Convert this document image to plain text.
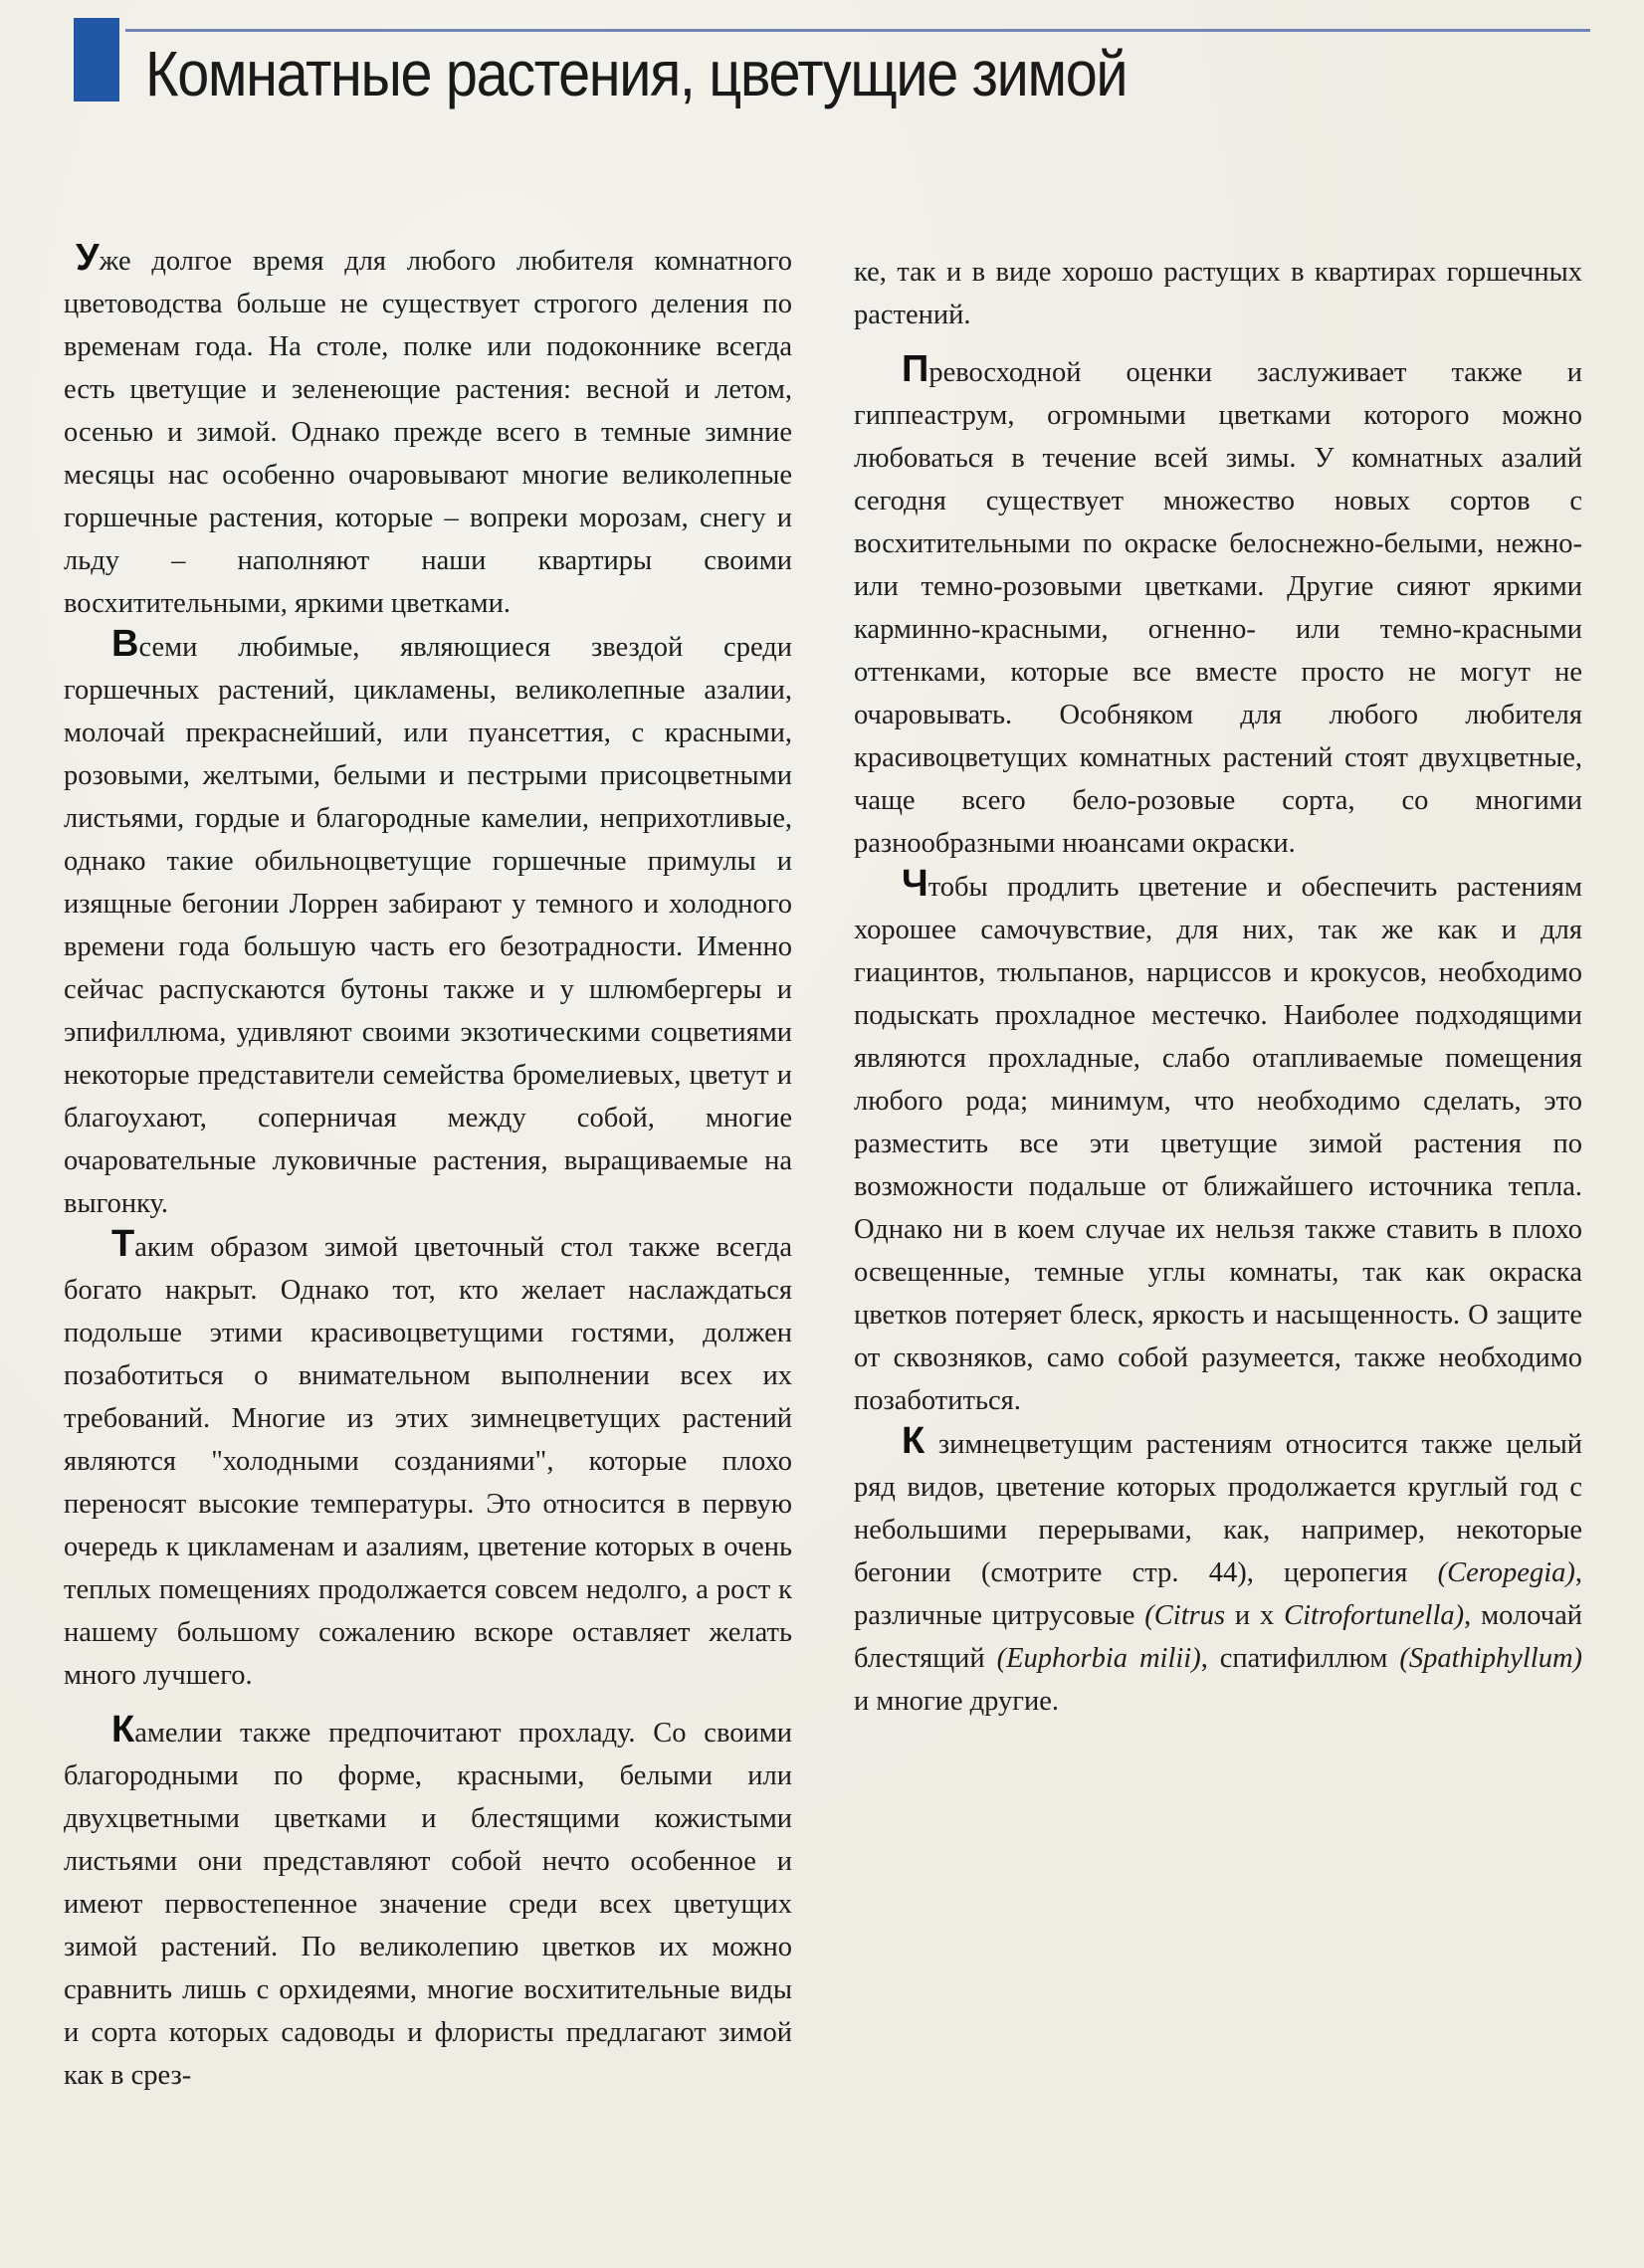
Комнатные растения, цветущие зимой

Уже долгое время для любого любителя комнатного цветоводства больше не существует строгого деления по временам года. На столе, полке или подоконнике всегда есть цветущие и зеленеющие растения: весной и летом, осенью и зимой. Однако прежде всего в темные зимние месяцы нас особенно очаровывают многие великолепные горшечные растения, которые – вопреки морозам, снегу и льду – наполняют наши квартиры своими восхитительными, яркими цветками.

Всеми любимые, являющиеся звездой среди горшечных растений, цикламены, великолепные азалии, молочай прекраснейший, или пуансеттия, с красными, розовыми, желтыми, белыми и пестрыми присоцветными листьями, гордые и благородные камелии, неприхотливые, однако такие обильноцветущие горшечные примулы и изящные бегонии Лоррен забирают у темного и холодного времени года большую часть его безотрадности. Именно сейчас распускаются бутоны также и у шлюмбергеры и эпифиллюма, удивляют своими экзотическими соцветиями некоторые представители семейства бромелиевых, цветут и благоухают, соперничая между собой, многие очаровательные луковичные растения, выращиваемые на выгонку.

Таким образом зимой цветочный стол также всегда богато накрыт. Однако тот, кто желает наслаждаться подольше этими красивоцветущими гостями, должен позаботиться о внимательном выполнении всех их требований. Многие из этих зимнецветущих растений являются "холодными созданиями", которые плохо переносят высокие температуры. Это относится в первую очередь к цикламенам и азалиям, цветение которых в очень теплых помещениях продолжается совсем недолго, а рост к нашему большому сожалению вскоре оставляет желать много лучшего.

Камелии также предпочитают прохладу. Со своими благородными по форме, красными, белыми или двухцветными цветками и блестящими кожистыми листьями они представляют собой нечто особенное и имеют первостепенное значение среди всех цветущих зимой растений. По великолепию цветков их можно сравнить лишь с орхидеями, многие восхитительные виды и сорта которых садоводы и флористы предлагают зимой как в срез-

ке, так и в виде хорошо растущих в квартирах горшечных растений.

Превосходной оценки заслуживает также и гиппеаструм, огромными цветками которого можно любоваться в течение всей зимы. У комнатных азалий сегодня существует множество новых сортов с восхитительными по окраске белоснежно-белыми, нежно- или темно-розовыми цветками. Другие сияют яркими карминно-красными, огненно- или темно-красными оттенками, которые все вместе просто не могут не очаровывать. Особняком для любого любителя красивоцветущих комнатных растений стоят двухцветные, чаще всего бело-розовые сорта, со многими разнообразными нюансами окраски.

Чтобы продлить цветение и обеспечить растениям хорошее самочувствие, для них, так же как и для гиацинтов, тюльпанов, нарциссов и крокусов, необходимо подыскать прохладное местечко. Наиболее подходящими являются прохладные, слабо отапливаемые помещения любого рода; минимум, что необходимо сделать, это разместить все эти цветущие зимой растения по возможности подальше от ближайшего источника тепла. Однако ни в коем случае их нельзя также ставить в плохо освещенные, темные углы комнаты, так как окраска цветков потеряет блеск, яркость и насыщенность. О защите от сквозняков, само собой разумеется, также необходимо позаботиться.

К зимнецветущим растениям относится также целый ряд видов, цветение которых продолжается круглый год с небольшими перерывами, как, например, некоторые бегонии (смотрите стр. 44), церопегия (Ceropegia), различные цитрусовые (Citrus и х Citrofortunella), молочай блестящий (Euphorbia milii), спатифиллюм (Spathiphyllum) и многие другие.
